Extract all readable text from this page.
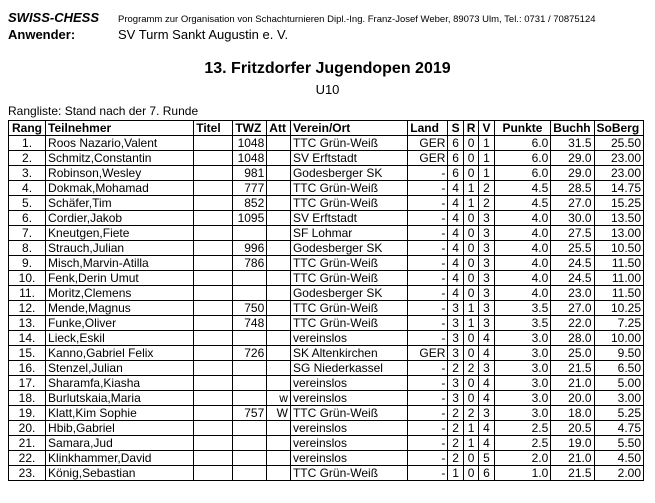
SWISS-CHESS	Programm zur Organisation von Schachturnieren Dipl.-Ing. Franz-Josef Weber, 89073 Ulm, Tel.: 0731 / 70875124
Anwender:	SV Turm Sankt Augustin e. V.
13. Fritzdorfer Jugendopen 2019
U10
Rangliste: Stand nach der 7. Runde
Rang	Teilnehmer	Titel	TWZ	Att	Verein/Ort	Land	S	R	V	Punkte	Buchh	SoBerg
1.	Roos Nazario,Valent		1048		TTC Grün-Weiß	GER	6	0	1	6.0	31.5	25.50
2.	Schmitz,Constantin		1048		SV Erftstadt	GER	6	0	1	6.0	29.0	23.00
3.	Robinson,Wesley		981		Godesberger SK	-	6	0	1	6.0	29.0	23.00
4.	Dokmak,Mohamad		777		TTC Grün-Weiß	-	4	1	2	4.5	28.5	14.75
5.	Schäfer,Tim		852		TTC Grün-Weiß	-	4	1	2	4.5	27.0	15.25
6.	Cordier,Jakob		1095		SV Erftstadt	-	4	0	3	4.0	30.0	13.50
7.	Kneutgen,Fiete				SF Lohmar	-	4	0	3	4.0	27.5	13.00
8.	Strauch,Julian		996		Godesberger SK	-	4	0	3	4.0	25.5	10.50
9.	Misch,Marvin-Atilla		786		TTC Grün-Weiß	-	4	0	3	4.0	24.5	11.50
10.	Fenk,Derin Umut				TTC Grün-Weiß	-	4	0	3	4.0	24.5	11.00
11.	Moritz,Clemens				Godesberger SK	-	4	0	3	4.0	23.0	11.50
12.	Mende,Magnus		750		TTC Grün-Weiß	-	3	1	3	3.5	27.0	10.25
13.	Funke,Oliver		748		TTC Grün-Weiß	-	3	1	3	3.5	22.0	7.25
14.	Lieck,Eskil				vereinslos	-	3	0	4	3.0	28.0	10.00
15.	Kanno,Gabriel Felix		726		SK Altenkirchen	GER	3	0	4	3.0	25.0	9.50
16.	Stenzel,Julian				SG Niederkassel	-	2	2	3	3.0	21.5	6.50
17.	Sharamfa,Kiasha				vereinslos	-	3	0	4	3.0	21.0	5.00
18.	Burlutskaia,Maria			w	vereinslos	-	3	0	4	3.0	20.0	3.00
19.	Klatt,Kim Sophie		757	W	TTC Grün-Weiß	-	2	2	3	3.0	18.0	5.25
20.	Hbib,Gabriel				vereinslos	-	2	1	4	2.5	20.5	4.75
21.	Samara,Jud				vereinslos	-	2	1	4	2.5	19.0	5.50
22.	Klinkhammer,David				vereinslos	-	2	0	5	2.0	21.0	4.50
23.	König,Sebastian				TTC Grün-Weiß	-	1	0	6	1.0	21.5	2.00
